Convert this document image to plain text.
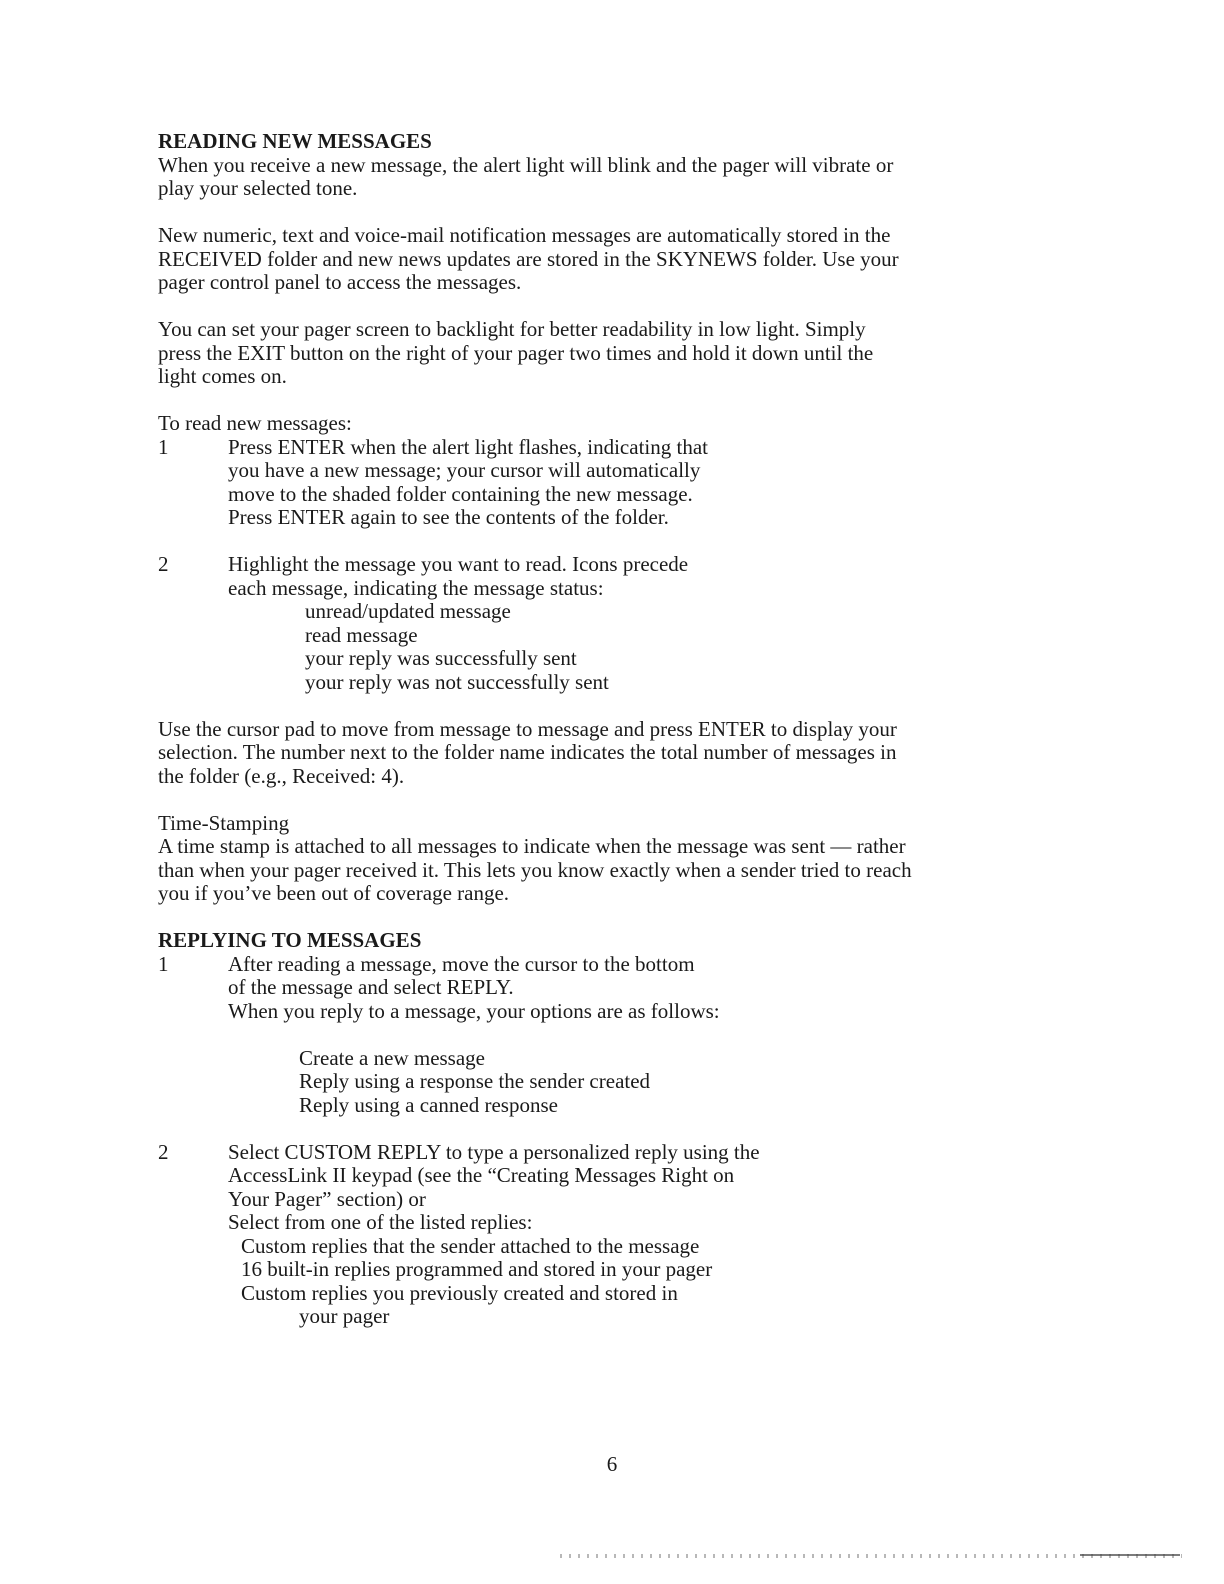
READING NEW MESSAGES

When you receive a new message, the alert light will blink and the pager will vibrate or
play your selected tone.

New numeric, text and voice-mail notification messages are automatically stored in the
RECEIVED folder and new news updates are stored in the SKYNEWS folder. Use your
pager control panel to access the messages.

You can set your pager screen to backlight for better readability in low light. Simply
press the EXIT button on the right of your pager two times and hold it down until the
light comes on.

To read new messages:

1	Press ENTER when the alert light flashes, indicating that
you have a new message; your cursor will automatically
move to the shaded folder containing the new message.
Press ENTER again to see the contents of the folder.
2	Highlight the message you want to read. Icons precede
each message, indicating the message status:
unread/updated message
read message
your reply was successfully sent
your reply was not successfully sent

Use the cursor pad to move from message to message and press ENTER to display your
selection. The number next to the folder name indicates the total number of messages in
the folder (e.g., Received: 4).

Time-Stamping

A time stamp is attached to all messages to indicate when the message was sent — rather
than when your pager received it. This lets you know exactly when a sender tried to reach
you if you’ve been out of coverage range.

REPLYING TO MESSAGES
1	After reading a message, move the cursor to the bottom
of the message and select REPLY.
When you reply to a message, your options are as follows:
Create a new message
Reply using a response the sender created
Reply using a canned response
2	Select CUSTOM REPLY to type a personalized reply using the
AccessLink II keypad (see the “Creating Messages Right on
Your Pager” section) or
Select from one of the listed replies:
Custom replies that the sender attached to the message
16 built-in replies programmed and stored in your pager
Custom replies you previously created and stored in
your pager
6
